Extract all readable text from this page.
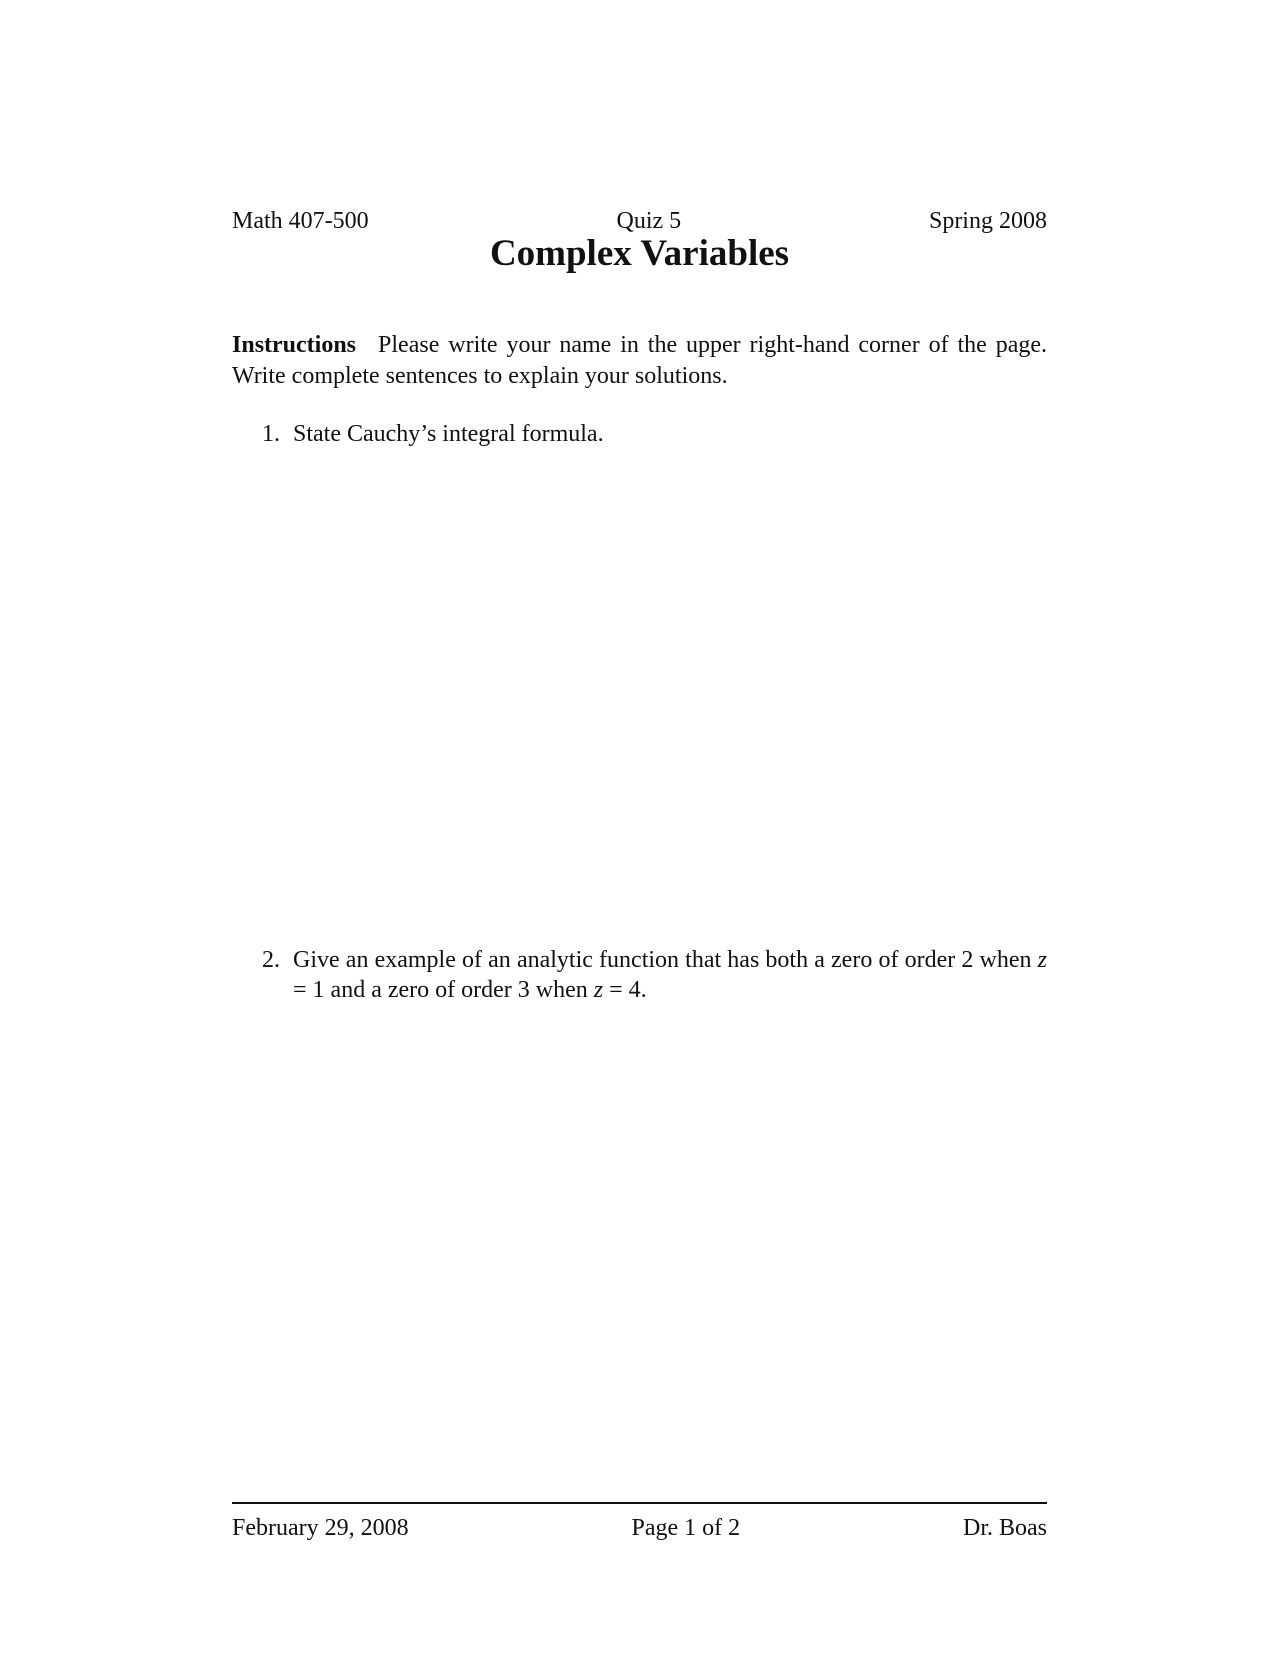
Math 407-500	Quiz 5	Spring 2008
Complex Variables
Instructions Please write your name in the upper right-hand corner of the page. Write complete sentences to explain your solutions.
1. State Cauchy’s integral formula.
2. Give an example of an analytic function that has both a zero of order 2 when z = 1 and a zero of order 3 when z = 4.
February 29, 2008	Page 1 of 2	Dr. Boas
